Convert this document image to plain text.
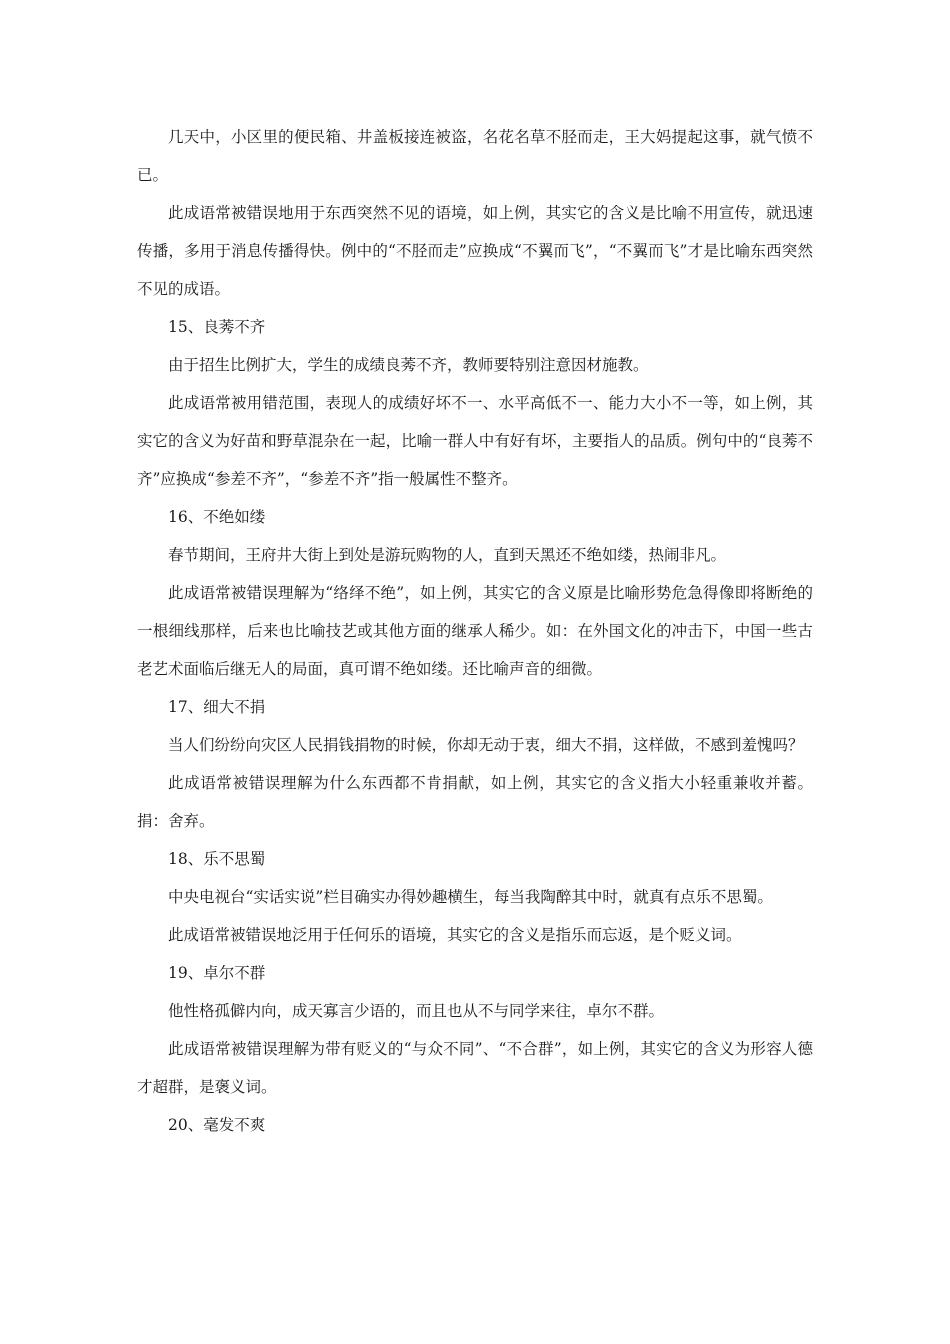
几天中，小区里的便民箱、井盖板接连被盗，名花名草不胫而走，王大妈提起这事，就气愤不已。

此成语常被错误地用于东西突然不见的语境，如上例，其实它的含义是比喻不用宣传，就迅速传播，多用于消息传播得快。例中的“不胫而走”应换成“不翼而飞”，“不翼而飞”才是比喻东西突然不见的成语。

15、良莠不齐

由于招生比例扩大，学生的成绩良莠不齐，教师要特别注意因材施教。

此成语常被用错范围，表现人的成绩好坏不一、水平高低不一、能力大小不一等，如上例，其实它的含义为好苗和野草混杂在一起，比喻一群人中有好有坏，主要指人的品质。例句中的“良莠不齐”应换成“参差不齐”，“参差不齐”指一般属性不整齐。

16、不绝如缕

春节期间，王府井大街上到处是游玩购物的人，直到天黑还不绝如缕，热闹非凡。

此成语常被错误理解为“络绎不绝”，如上例，其实它的含义原是比喻形势危急得像即将断绝的一根细线那样，后来也比喻技艺或其他方面的继承人稀少。如：在外国文化的冲击下，中国一些古老艺术面临后继无人的局面，真可谓不绝如缕。还比喻声音的细微。

17、细大不捐

当人们纷纷向灾区人民捐钱捐物的时候，你却无动于衷，细大不捐，这样做，不感到羞愧吗？

此成语常被错误理解为什么东西都不肯捐献，如上例，其实它的含义指大小轻重兼收并蓄。捐：舍弃。

18、乐不思蜀

中央电视台“实话实说”栏目确实办得妙趣横生，每当我陶醉其中时，就真有点乐不思蜀。

此成语常被错误地泛用于任何乐的语境，其实它的含义是指乐而忘返，是个贬义词。

19、卓尔不群

他性格孤僻内向，成天寡言少语的，而且也从不与同学来往，卓尔不群。

此成语常被错误理解为带有贬义的“与众不同”、“不合群”，如上例，其实它的含义为形容人德才超群，是褒义词。

20、毫发不爽
